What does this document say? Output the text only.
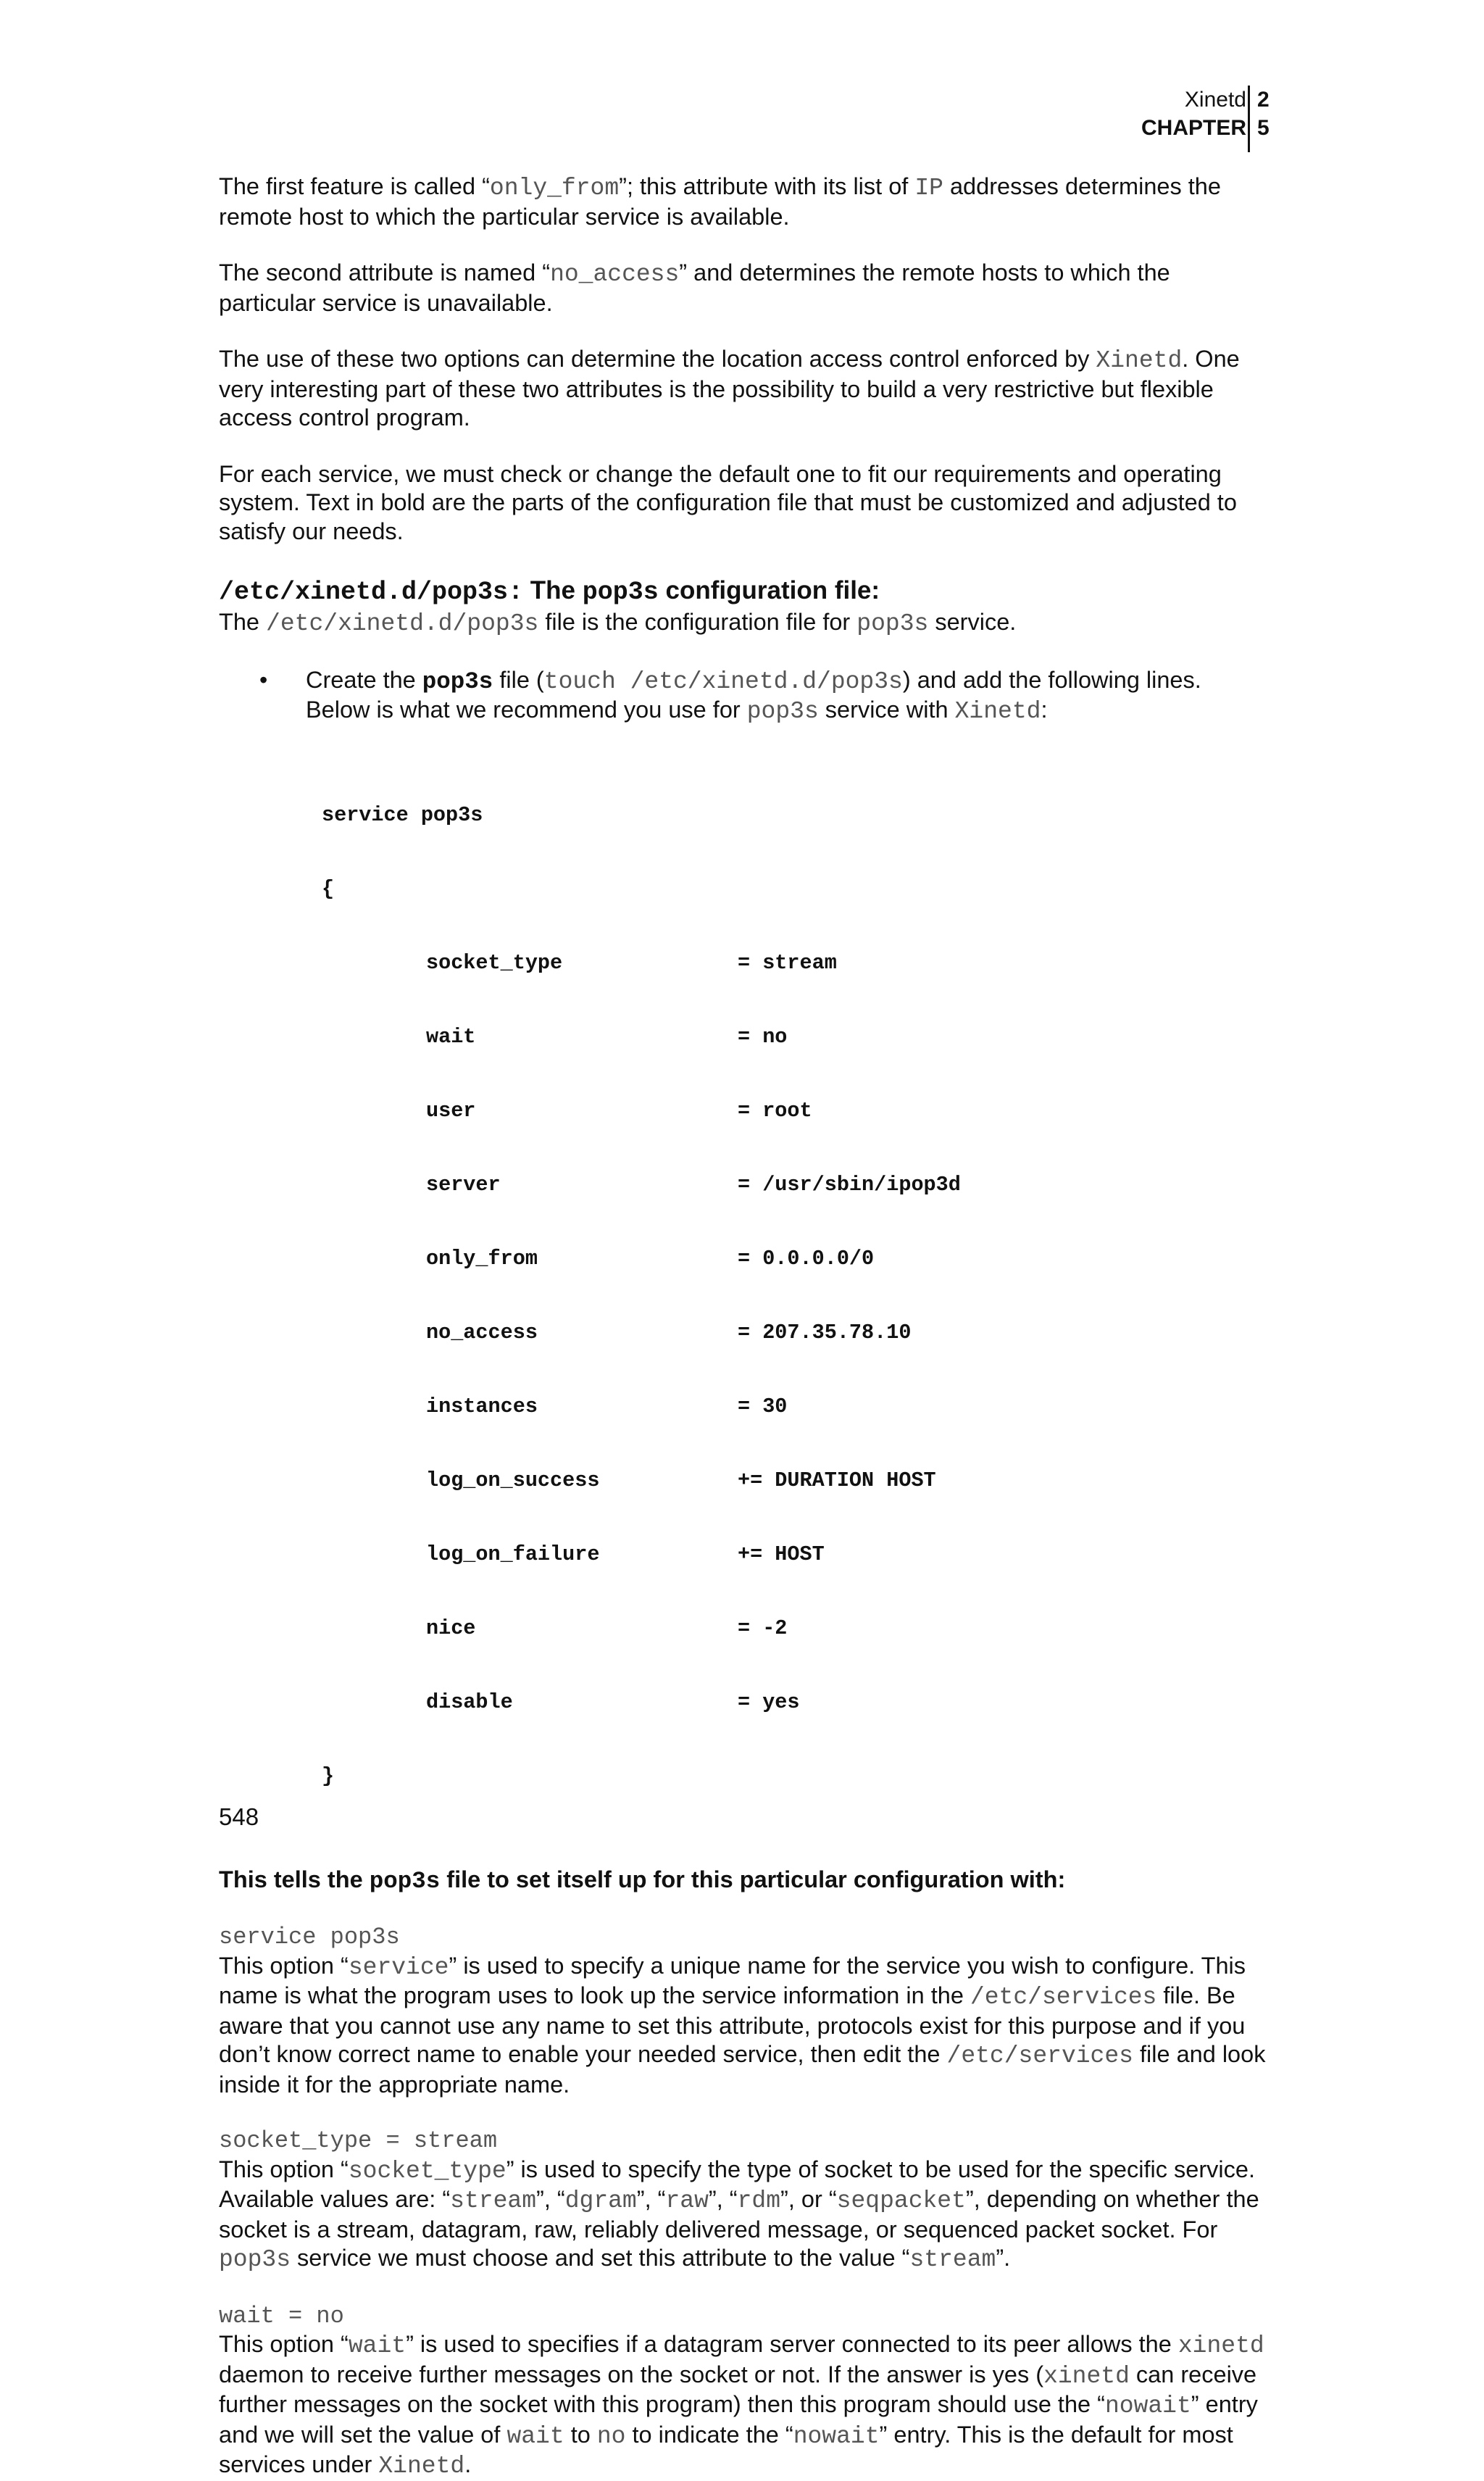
Xinetd
CHAPTER
2
5

The first feature is called “only_from”; this attribute with its list of IP addresses determines the remote host to which the particular service is available.

The second attribute is named “no_access” and determines the remote hosts to which the particular service is unavailable.

The use of these two options can determine the location access control enforced by Xinetd. One very interesting part of these two attributes is the possibility to build a very restrictive but flexible access control program.

For each service, we must check or change the default one to fit our requirements and operating system. Text in bold are the parts of the configuration file that must be customized and adjusted to satisfy our needs.

/etc/xinetd.d/pop3s: The pop3s configuration file:

The /etc/xinetd.d/pop3s file is the configuration file for pop3s service.

• Create the pop3s file (touch /etc/xinetd.d/pop3s) and add the following lines. Below is what we recommend you use for pop3s service with Xinetd:

service pop3s

{

socket_type	= stream

wait	= no

user	= root

server	= /usr/sbin/ipop3d

only_from	= 0.0.0.0/0

no_access	= 207.35.78.10

instances	= 30

log_on_success	+= DURATION HOST

log_on_failure	+= HOST

nice	= -2

disable	= yes

}

This tells the pop3s file to set itself up for this particular configuration with:

service pop3s

This option “service” is used to specify a unique name for the service you wish to configure. This name is what the program uses to look up the service information in the /etc/services file. Be aware that you cannot use any name to set this attribute, protocols exist for this purpose and if you don’t know correct name to enable your needed service, then edit the /etc/services file and look inside it for the appropriate name.

socket_type = stream

This option “socket_type” is used to specify the type of socket to be used for the specific service. Available values are: “stream”, “dgram”, “raw”, “rdm”, or “seqpacket”, depending on whether the socket is a stream, datagram, raw, reliably delivered message, or sequenced packet socket. For pop3s service we must choose and set this attribute to the value “stream”.

wait = no

This option “wait” is used to specifies if a datagram server connected to its peer allows the xinetd daemon to receive further messages on the socket or not. If the answer is yes (xinetd can receive further messages on the socket with this program) then this program should use the “nowait” entry and we will set the value of wait to no to indicate the “nowait” entry. This is the default for most services under Xinetd.

548
